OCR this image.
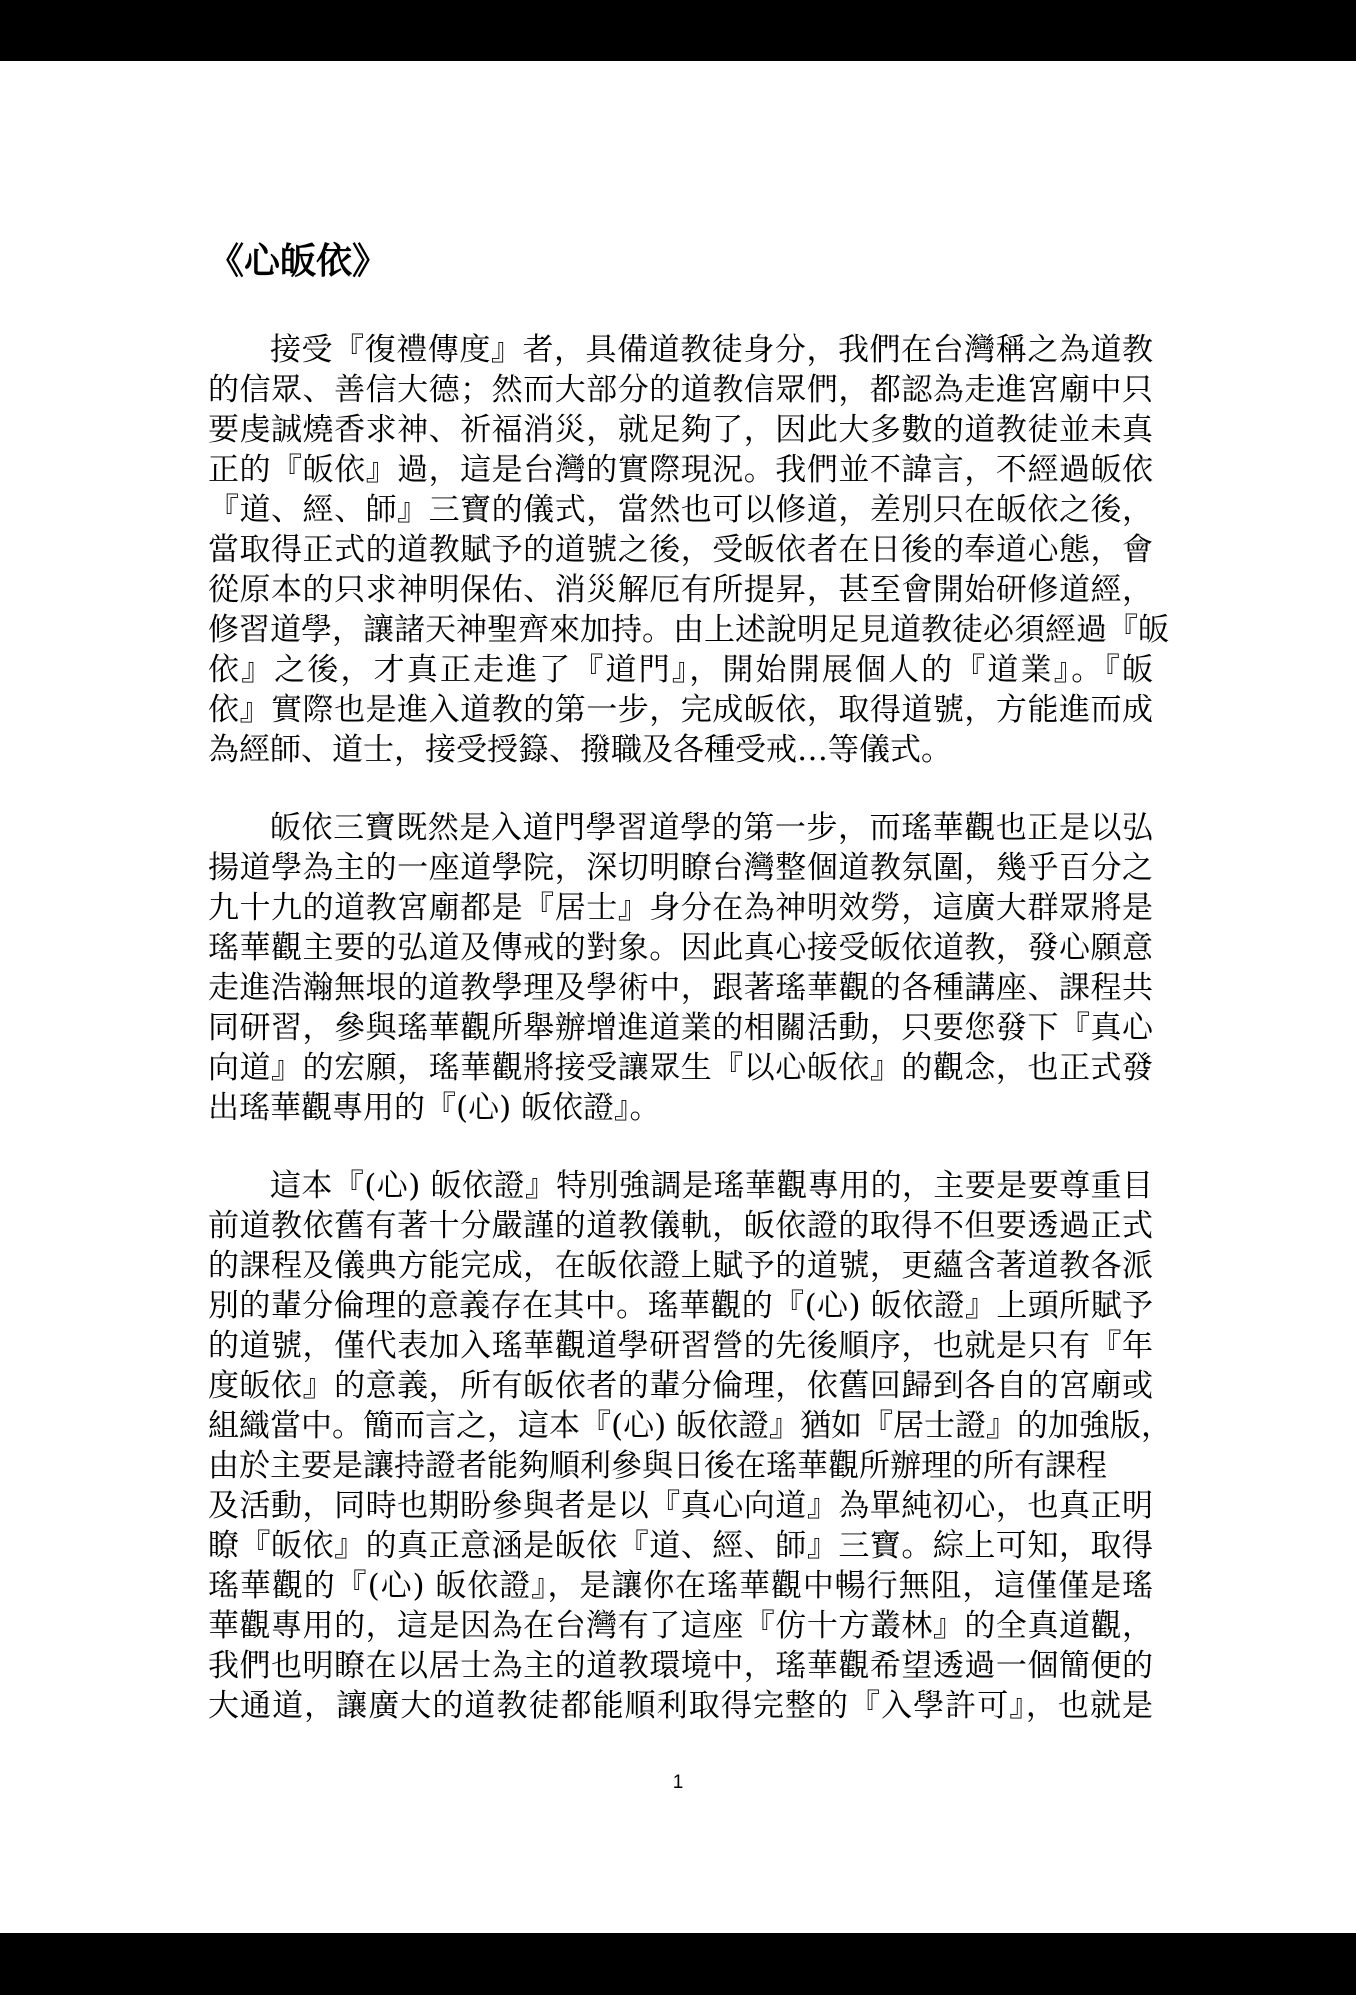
《心皈依》
接受『復禮傳度』者，具備道教徒身分，我們在台灣稱之為道教
的信眾、善信大德；然而大部分的道教信眾們，都認為走進宮廟中只
要虔誠燒香求神、祈福消災，就足夠了，因此大多數的道教徒並未真
正的『皈依』過，這是台灣的實際現況。我們並不諱言，不經過皈依
『道、經、師』三寶的儀式，當然也可以修道，差別只在皈依之後，
當取得正式的道教賦予的道號之後，受皈依者在日後的奉道心態，會
從原本的只求神明保佑、消災解厄有所提昇，甚至會開始研修道經，
修習道學，讓諸天神聖齊來加持。由上述說明足見道教徒必須經過『皈
依』之後，才真正走進了『道門』，開始開展個人的『道業』。『皈
依』實際也是進入道教的第一步，完成皈依，取得道號，方能進而成
為經師、道士，接受授籙、撥職及各種受戒…等儀式。
皈依三寶既然是入道門學習道學的第一步，而瑤華觀也正是以弘
揚道學為主的一座道學院，深切明瞭台灣整個道教氛圍，幾乎百分之
九十九的道教宮廟都是『居士』身分在為神明效勞，這廣大群眾將是
瑤華觀主要的弘道及傳戒的對象。因此真心接受皈依道教，發心願意
走進浩瀚無垠的道教學理及學術中，跟著瑤華觀的各種講座、課程共
同研習，參與瑤華觀所舉辦增進道業的相關活動，只要您發下『真心
向道』的宏願，瑤華觀將接受讓眾生『以心皈依』的觀念，也正式發
出瑤華觀專用的『(心) 皈依證』。
這本『(心) 皈依證』特別強調是瑤華觀專用的，主要是要尊重目
前道教依舊有著十分嚴謹的道教儀軌，皈依證的取得不但要透過正式
的課程及儀典方能完成，在皈依證上賦予的道號，更蘊含著道教各派
別的輩分倫理的意義存在其中。瑤華觀的『(心) 皈依證』上頭所賦予
的道號，僅代表加入瑤華觀道學研習營的先後順序，也就是只有『年
度皈依』的意義，所有皈依者的輩分倫理，依舊回歸到各自的宮廟或
組織當中。簡而言之，這本『(心) 皈依證』猶如『居士證』的加強版，
由於主要是讓持證者能夠順利參與日後在瑤華觀所辦理的所有課程
及活動，同時也期盼參與者是以『真心向道』為單純初心，也真正明
瞭『皈依』的真正意涵是皈依『道、經、師』三寶。綜上可知，取得
瑤華觀的『(心) 皈依證』，是讓你在瑤華觀中暢行無阻，這僅僅是瑤
華觀專用的，這是因為在台灣有了這座『仿十方叢林』的全真道觀，
我們也明瞭在以居士為主的道教環境中，瑤華觀希望透過一個簡便的
大通道，讓廣大的道教徒都能順利取得完整的『入學許可』，也就是
1
